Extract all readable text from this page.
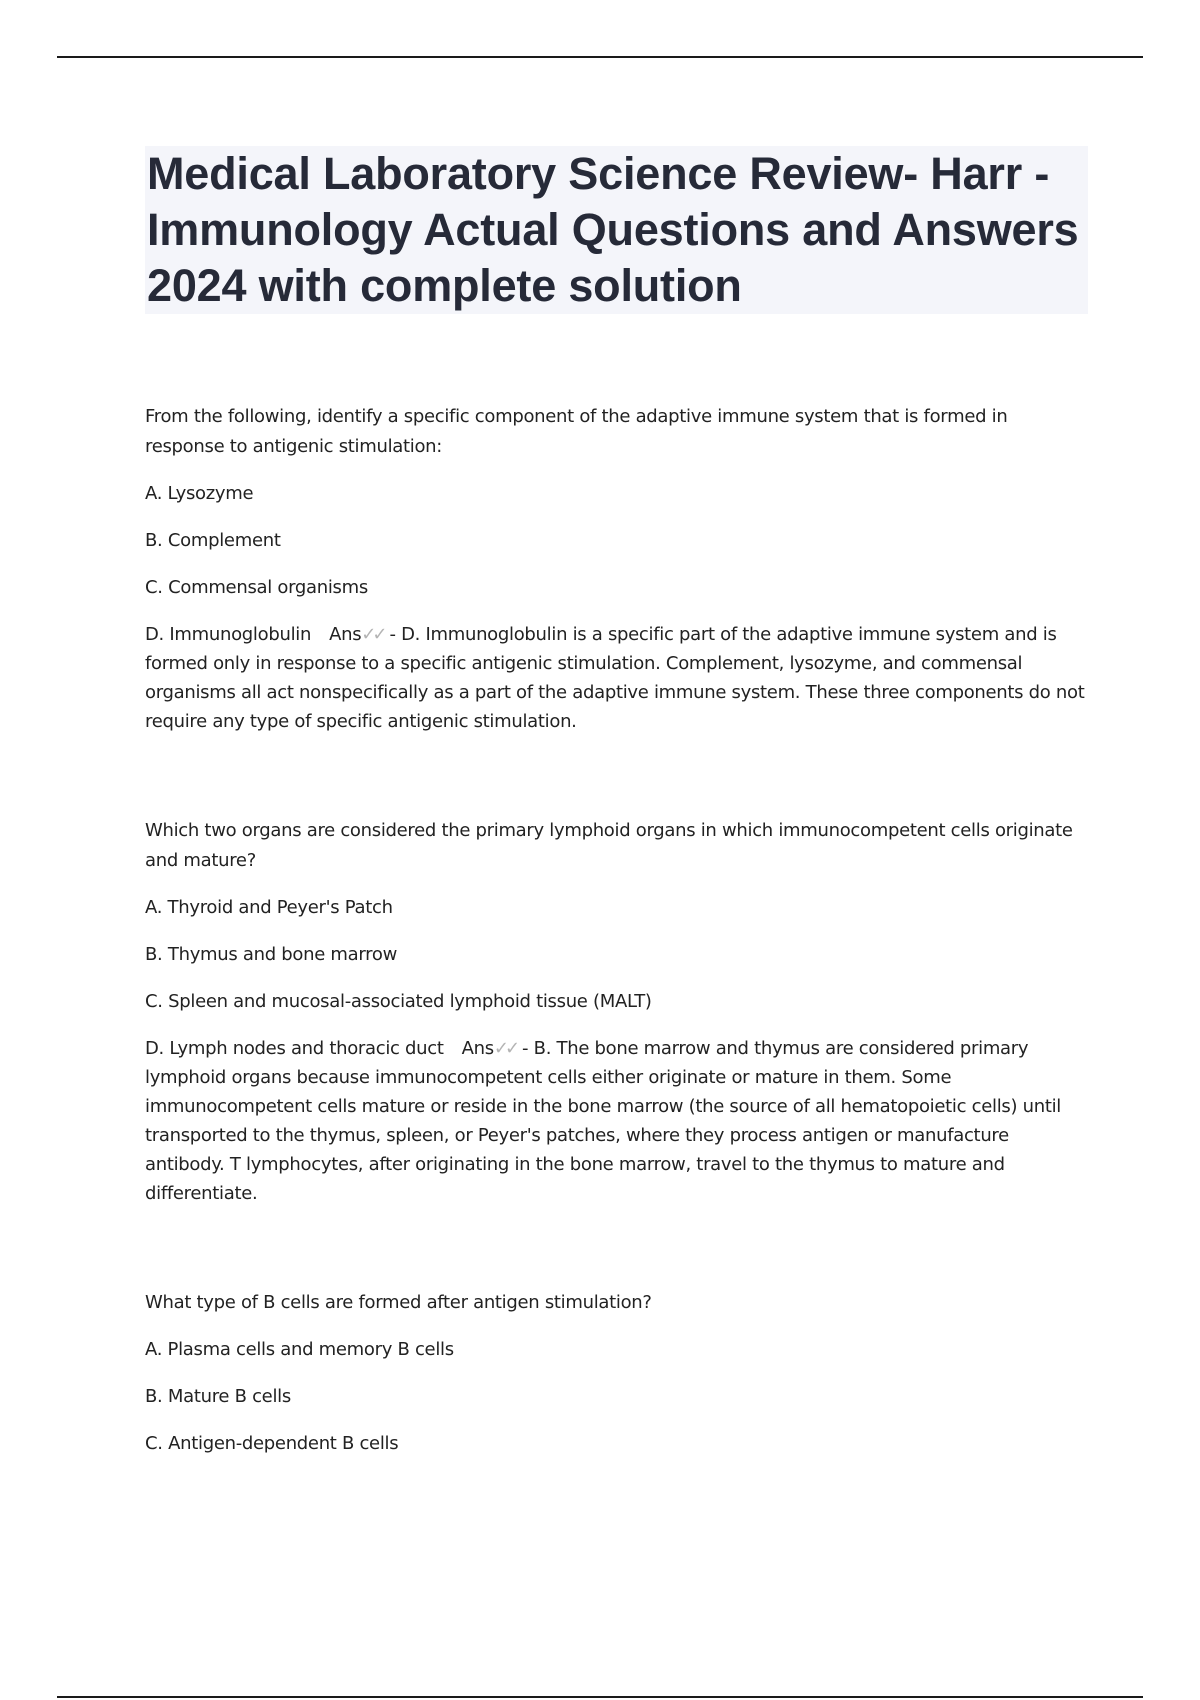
Medical Laboratory Science Review- Harr - Immunology Actual Questions and Answers 2024 with complete solution

From the following, identify a specific component of the adaptive immune system that is formed in response to antigenic stimulation:

A. Lysozyme

B. Complement

C. Commensal organisms

D. Immunoglobulin Ans✓✓ - D. Immunoglobulin is a specific part of the adaptive immune system and is formed only in response to a specific antigenic stimulation. Complement, lysozyme, and commensal organisms all act nonspecifically as a part of the adaptive immune system. These three components do not require any type of specific antigenic stimulation.

Which two organs are considered the primary lymphoid organs in which immunocompetent cells originate and mature?

A. Thyroid and Peyer's Patch

B. Thymus and bone marrow

C. Spleen and mucosal-associated lymphoid tissue (MALT)

D. Lymph nodes and thoracic duct Ans✓✓ - B. The bone marrow and thymus are considered primary lymphoid organs because immunocompetent cells either originate or mature in them. Some immunocompetent cells mature or reside in the bone marrow (the source of all hematopoietic cells) until transported to the thymus, spleen, or Peyer's patches, where they process antigen or manufacture antibody. T lymphocytes, after originating in the bone marrow, travel to the thymus to mature and differentiate.

What type of B cells are formed after antigen stimulation?

A. Plasma cells and memory B cells

B. Mature B cells

C. Antigen-dependent B cells
